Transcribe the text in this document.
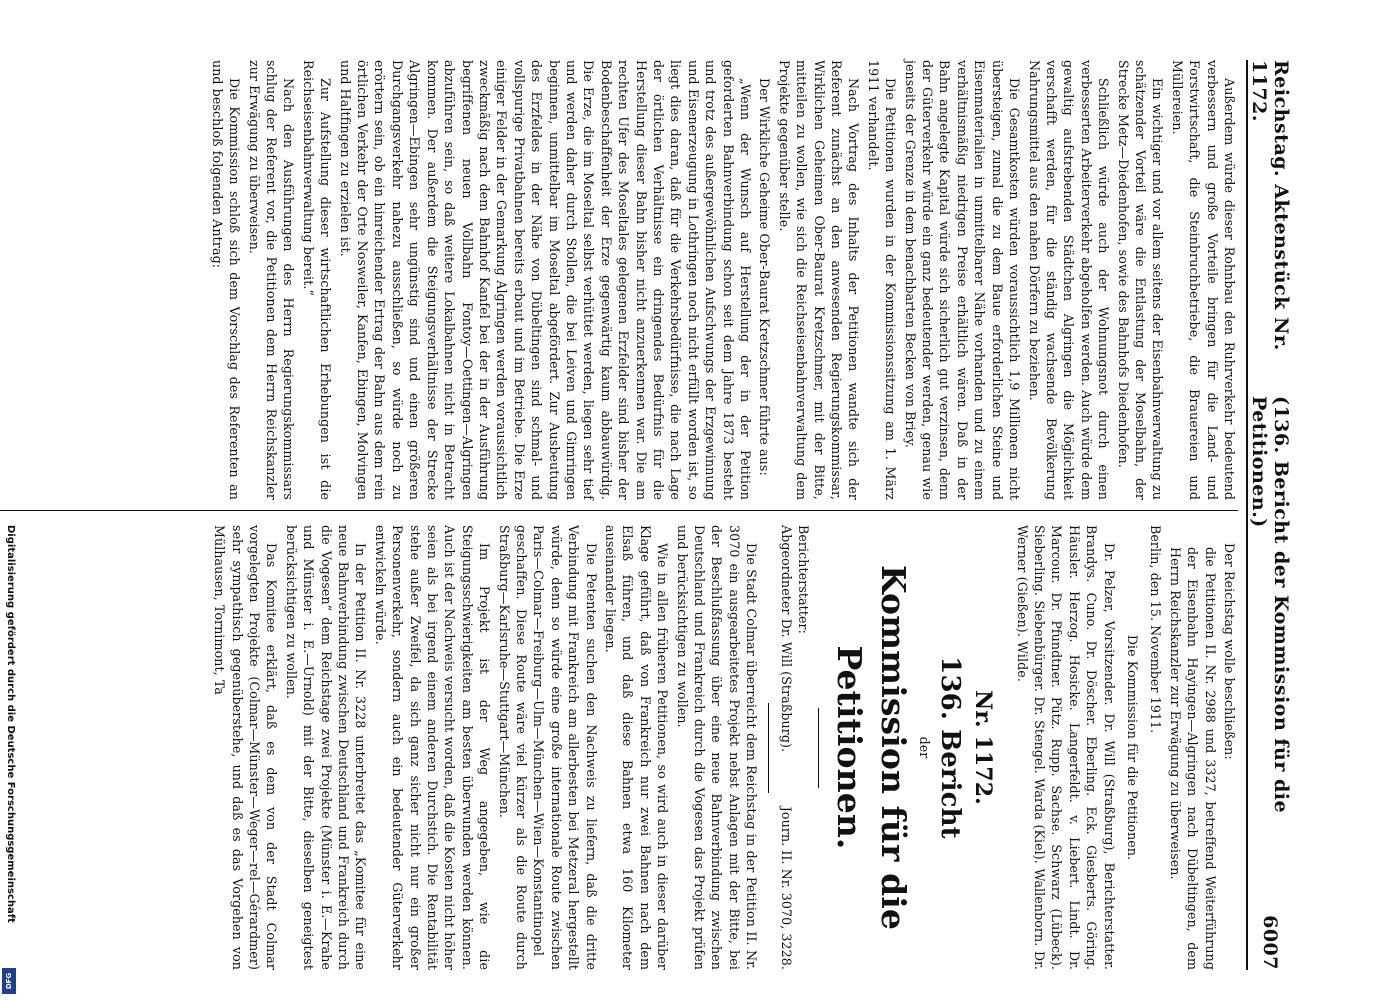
Reichstag. Aktenstück Nr. 1172.
(136. Bericht der Kommission für die Petitionen.)
6007

Außerdem würde dieser Rohnbau den Ruhrverkehr bedeutend verbessern und große Vorteile bringen für die Land- und Forstwirtschaft, die Steinbruchbetriebe, die Brauereien und Müllereien.

Ein wichtiger und vor allem seitens der Eisenbahnverwaltung zu schätzender Vorteil wäre die Entlastung der Moselbahn, der Strecke Metz—Diedenhofen, sowie des Bahnhofs Diedenhofen.

Schließlich würde auch der Wohnungsnot durch einen verbesserten Arbeiterverkehr abgeholfen werden. Auch würde dem gewaltig aufstrebenden Städtchen Algringen die Möglichkeit verschafft werden, für die ständig wachsende Bevölkerung Nahrungsmittel aus den nahen Dörfern zu beziehen.

Die Gesamtkosten würden voraussichtlich 1,9 Millionen nicht übersteigen, zumal die zu dem Baue erforderlichen Steine und Eisenmaterialien in unmittelbarer Nähe vorhanden und zu einem verhältnismäßig niedrigen Preise erhältlich wären. Daß in der Bahn angelegte Kapital würde sich sicherlich gut verzinsen, denn der Güterverkehr würde ein ganz bedeutender werden, genau wie jenseits der Grenze in dem benachbarten Becken von Briey.

Die Petitionen wurden in der Kommissionssitzung am 1. März 1911 verhandelt.

Nach Vortrag des Inhalts der Petitionen wandte sich der Referent zunächst an den anwesenden Regierungskommissar, Wirklichen Geheimen Ober-Baurat Kretzschmer, mit der Bitte, mitteilen zu wollen, wie sich die Reichseisenbahnverwaltung dem Projekte gegenüber stelle.

Der Wirkliche Geheime Ober-Baurat Kretzschmer führte aus:

„Wenn der Wunsch auf Herstellung der in der Petition geforderten Bahnverbindung schon seit dem Jahre 1873 besteht und trotz des außergewöhnlichen Aufschwungs der Erzgewinnung und Eisenerzeugung in Lothringen noch nicht erfüllt worden ist, so liegt dies daran, daß für die Verkehrsbedürfnisse, die nach Lage der örtlichen Verhältnisse ein dringendes Bedürfnis für die Herstellung dieser Bahn bisher nicht anzuerkennen war. Die am rechten Ufer des Moseltales gelegenen Erzfelder sind bisher der Bodenbeschaffenheit der Erze gegenwärtig kaum abbauwürdig. Die Erze, die im Moseltal selbst verhüttet werden, liegen sehr tief und werden daher durch Stollen, die bei Leiven und Gimringen beginnen, unmittelbar im Moseltal abgefördert. Zur Ausbeutung des Erzfeldes in der Nähe von Dübeltingen sind schmal- und vollspurige Privatbahnen bereits erbaut und im Betriebe. Die Erze einiger Felder in der Gemarkung Algringen werden voraussichtlich zweckmäßig nach dem Bahnhof Kanfel bei der in der Ausführung begriffenen neuen Vollbahn Fontoy—Oettingen—Algringen abzuführen sein, so daß weitere Lokalbahnen nicht in Betracht kommen. Der außerdem die Steigungsverhältnisse der Strecke Algringen—Ebingen sehr ungünstig sind und einen größeren Durchgangsverkehr nahezu ausschließen, so würde noch zu erörtern sein, ob ein hinreichender Ertrag der Bahn aus dem rein örtlichen Verkehr der Orte Nosweiler, Kanfen, Ebingen, Molvingen und Haltfingen zu erzielen ist.

Zur Aufstellung dieser wirtschaftlichen Erhebungen ist die Reichseisenbahnverwaltung bereit.“

Nach den Ausführungen des Herrn Regierungskommissars schlug der Referent vor, die Petitionen dem Herrn Reichskanzler zur Erwägung zu überweisen.

Die Kommission schloß sich dem Vorschlag des Referenten an und beschloß folgenden Antrag:

Der Reichstag wolle beschließen:

die Petitionen II. Nr. 2988 und 3327, betreffend Weiterführung der Eisenbahn Hayingen—Algringen nach Dübeltingen, dem Herrn Reichskanzler zur Erwägung zu überweisen.

Berlin, den 15. November 1911.

Die Kommission für die Petitionen.

Dr. Pelzer, Vorsitzender. Dr. Will (Straßburg), Berichterstatter. Brandys. Cuno. Dr. Döscher. Eberling. Eck. Giesberts. Göring. Häusler. Herzog. Hosicke. Langerfeldt. v. Liebert. Lindt. Dr. Marcour. Dr. Pfundtner. Pütz. Rupp. Sachse. Schwarz (Lübeck). Sieberling. Siebenbürger. Dr. Stengel. Warda (Kiel). Wallenborn. Dr. Werner (Gießen). Wilde.

Nr. 1172.
136. Bericht
der
Kommission für die Petitionen.
Berichterstatter:
Abgeordneter Dr. Will (Straßburg).
Journ. II. Nr. 3070, 3228.

Die Stadt Colmar überreicht dem Reichstag in der Petition II. Nr. 3070 ein ausgearbeitetes Projekt nebst Anlagen mit der Bitte, bei der Beschlußfassung über eine neue Bahnverbindung zwischen Deutschland und Frankreich durch die Vogesen das Projekt prüfen und berücksichtigen zu wollen.

Wie in allen früheren Petitionen, so wird auch in dieser darüber Klage geführt, daß von Frankreich nur zwei Bahnen nach dem Elsaß führen, und daß diese Bahnen etwa 160 Kilometer auseinander liegen.

Die Petenten suchen den Nachweis zu liefern, daß die dritte Verbindung mit Frankreich am allerbesten bei Metzeral hergestellt würde, denn so würde eine große internationale Route zwischen Paris—Colmar—Freiburg—Ulm—München—Wien—Konstantinopel geschaffen. Diese Route wäre viel kürzer als die Route durch Straßburg—Karlsruhe—Stuttgart—München.

Im Projekt ist der Weg angegeben, wie die Steigungsschwierigkeiten am besten überwunden werden können. Auch ist der Nachweis versucht worden, daß die Kosten nicht höher seien als bei irgend einem anderen Durchstich. Die Rentabilität stehe außer Zweifel, da sich ganz sicher nicht nur ein großer Personenverkehr, sondern auch ein bedeutender Güterverkehr entwickeln würde.

In der Petition II. Nr. 3228 unterbreitet das „Komitee für eine neue Bahnverbindung zwischen Deutschland und Frankreich durch die Vogesen“ dem Reichstage zwei Projekte (Münster i. E.—Krahe und Münster i. E.—Urnold) mit der Bitte, dieselben geneigtest berücksichtigen zu wollen.

Das Komitee erklärt, daß es dem von der Stadt Colmar vorgelegten Projekte (Colmar—Münster—Weger—rel—Gérardmer) sehr sympathisch gegenüberstehe, und daß es das Vorgehen von Mülhausen, Tornimont, Ta

Digitalisierung gefördert durch die Deutsche Forschungsgemeinschaft
DFG
